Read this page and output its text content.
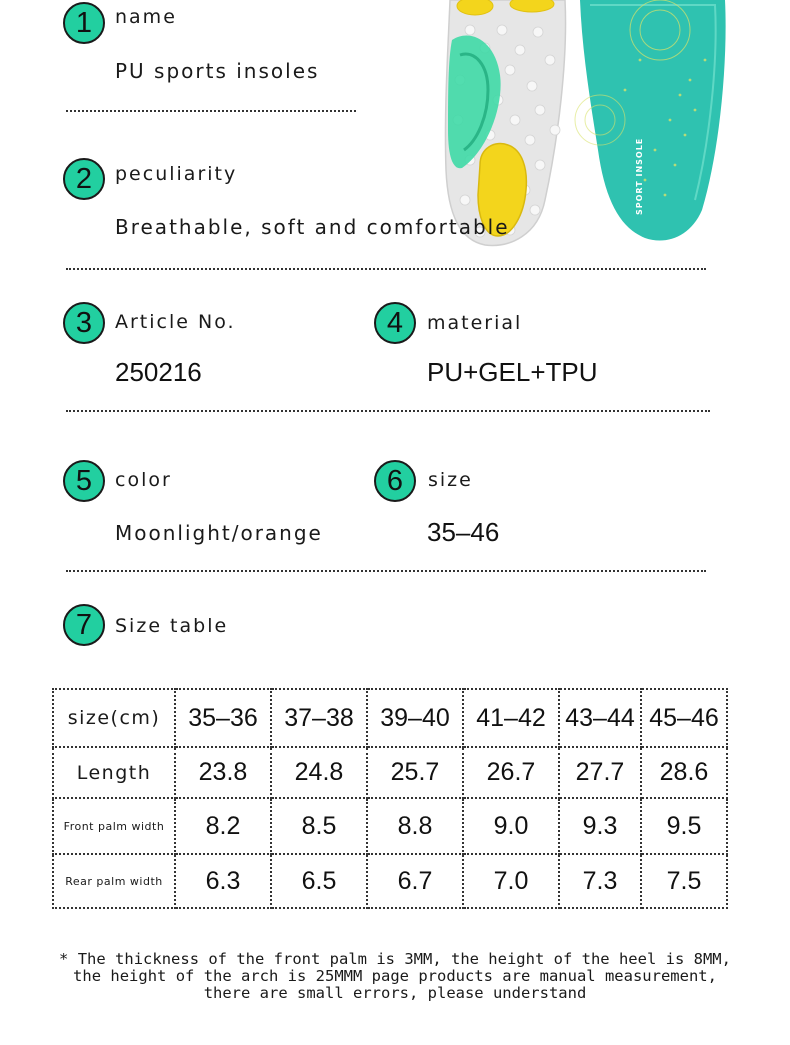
SPORT INSOLE
1	name
PU sports insoles
2	peculiarity
Breathable, soft and comfortable
3	Article No.
250216
4	material
PU+GEL+TPU
5	color
Moonlight/orange
6	size
35–46
7	Size table
size(cm)	35–36	37–38	39–40	41–42	43–44	45–46
Length	23.8	24.8	25.7	26.7	27.7	28.6
Front palm width	8.2	8.5	8.8	9.0	9.3	9.5
Rear palm width	6.3	6.5	6.7	7.0	7.3	7.5
* The thickness of the front palm is 3MM, the height of the heel is 8MM,
the height of the arch is 25MMM page products are manual measurement,
there are small errors, please understand
